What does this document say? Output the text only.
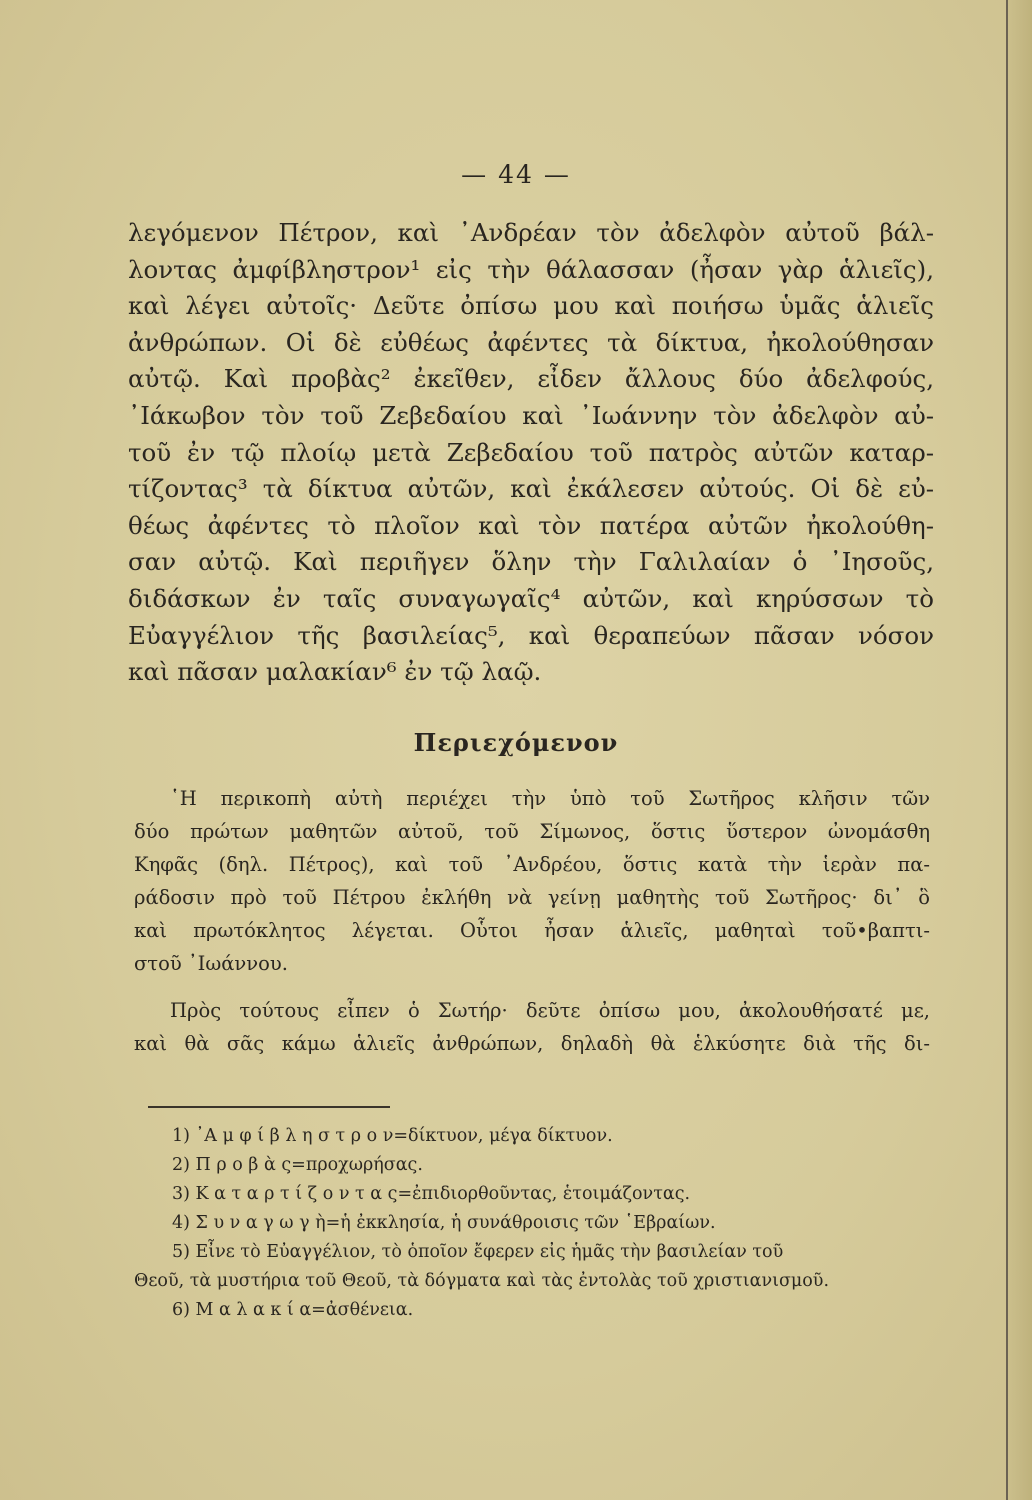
— 44 —
λεγόμενον Πέτρον, καὶ ᾿Ανδρέαν τὸν ἀδελφὸν αὐτοῦ βάλ-
λοντας ἀμφίβληστρον¹ εἰς τὴν θάλασσαν (ἦσαν γὰρ ἁλιεῖς),
καὶ λέγει αὐτοῖς· Δεῦτε ὀπίσω μου καὶ ποιήσω ὑμᾶς ἁλιεῖς
ἀνθρώπων. Οἱ δὲ εὐθέως ἀφέντες τὰ δίκτυα, ἠκολούθησαν
αὐτῷ. Καὶ προβὰς² ἐκεῖθεν, εἶδεν ἄλλους δύο ἀδελφούς,
᾿Ιάκωβον τὸν τοῦ Ζεβεδαίου καὶ ᾿Ιωάννην τὸν ἀδελφὸν αὐ-
τοῦ ἐν τῷ πλοίῳ μετὰ Ζεβεδαίου τοῦ πατρὸς αὐτῶν καταρ-
τίζοντας³ τὰ δίκτυα αὐτῶν, καὶ ἐκάλεσεν αὐτούς. Οἱ δὲ εὐ-
θέως ἀφέντες τὸ πλοῖον καὶ τὸν πατέρα αὐτῶν ἠκολούθη-
σαν αὐτῷ. Καὶ περιῆγεν ὅλην τὴν Γαλιλαίαν ὁ ᾿Ιησοῦς,
διδάσκων ἐν ταῖς συναγωγαῖς⁴ αὐτῶν, καὶ κηρύσσων τὸ
Εὐαγγέλιον τῆς βασιλείας⁵, καὶ θεραπεύων πᾶσαν νόσον
καὶ πᾶσαν μαλακίαν⁶ ἐν τῷ λαῷ.
Περιεχόμενον
῾Η περικοπὴ αὐτὴ περιέχει τὴν ὑπὸ τοῦ Σωτῆρος κλῆσιν τῶν
δύο πρώτων μαθητῶν αὐτοῦ, τοῦ Σίμωνος, ὅστις ὕστερον ὠνομάσθη
Κηφᾶς (δηλ. Πέτρος), καὶ τοῦ ᾿Ανδρέου, ὅστις κατὰ τὴν ἱερὰν πα-
ράδοσιν πρὸ τοῦ Πέτρου ἐκλήθη νὰ γείνῃ μαθητὴς τοῦ Σωτῆρος· δι᾿ ὃ
καὶ πρωτόκλητος λέγεται. Οὗτοι ἦσαν ἁλιεῖς, μαθηταὶ τοῦ•βαπτι-
στοῦ ᾿Ιωάννου.
Πρὸς τούτους εἶπεν ὁ Σωτήρ· δεῦτε ὀπίσω μου, ἀκολουθήσατέ με,
καὶ θὰ σᾶς κάμω ἁλιεῖς ἀνθρώπων, δηλαδὴ θὰ ἑλκύσητε διὰ τῆς δι-
1) ᾿Α μ φ ί β λ η σ τ ρ ο ν=δίκτυον, μέγα δίκτυον.
2) Π ρ ο β ὰ ς=προχωρήσας.
3) Κ α τ α ρ τ ί ζ ο ν τ α ς=ἐπιδιορθοῦντας, ἑτοιμάζοντας.
4) Σ υ ν α γ ω γ ὴ=ἡ ἐκκλησία, ἡ συνάθροισις τῶν ῾Εβραίων.
5) Εἶνε τὸ Εὐαγγέλιον, τὸ ὁποῖον ἔφερεν εἰς ἡμᾶς τὴν βασιλείαν τοῦ
Θεοῦ, τὰ μυστήρια τοῦ Θεοῦ, τὰ δόγματα καὶ τὰς ἐντολὰς τοῦ χριστιανισμοῦ.
6) Μ α λ α κ ί α=ἀσθένεια.
